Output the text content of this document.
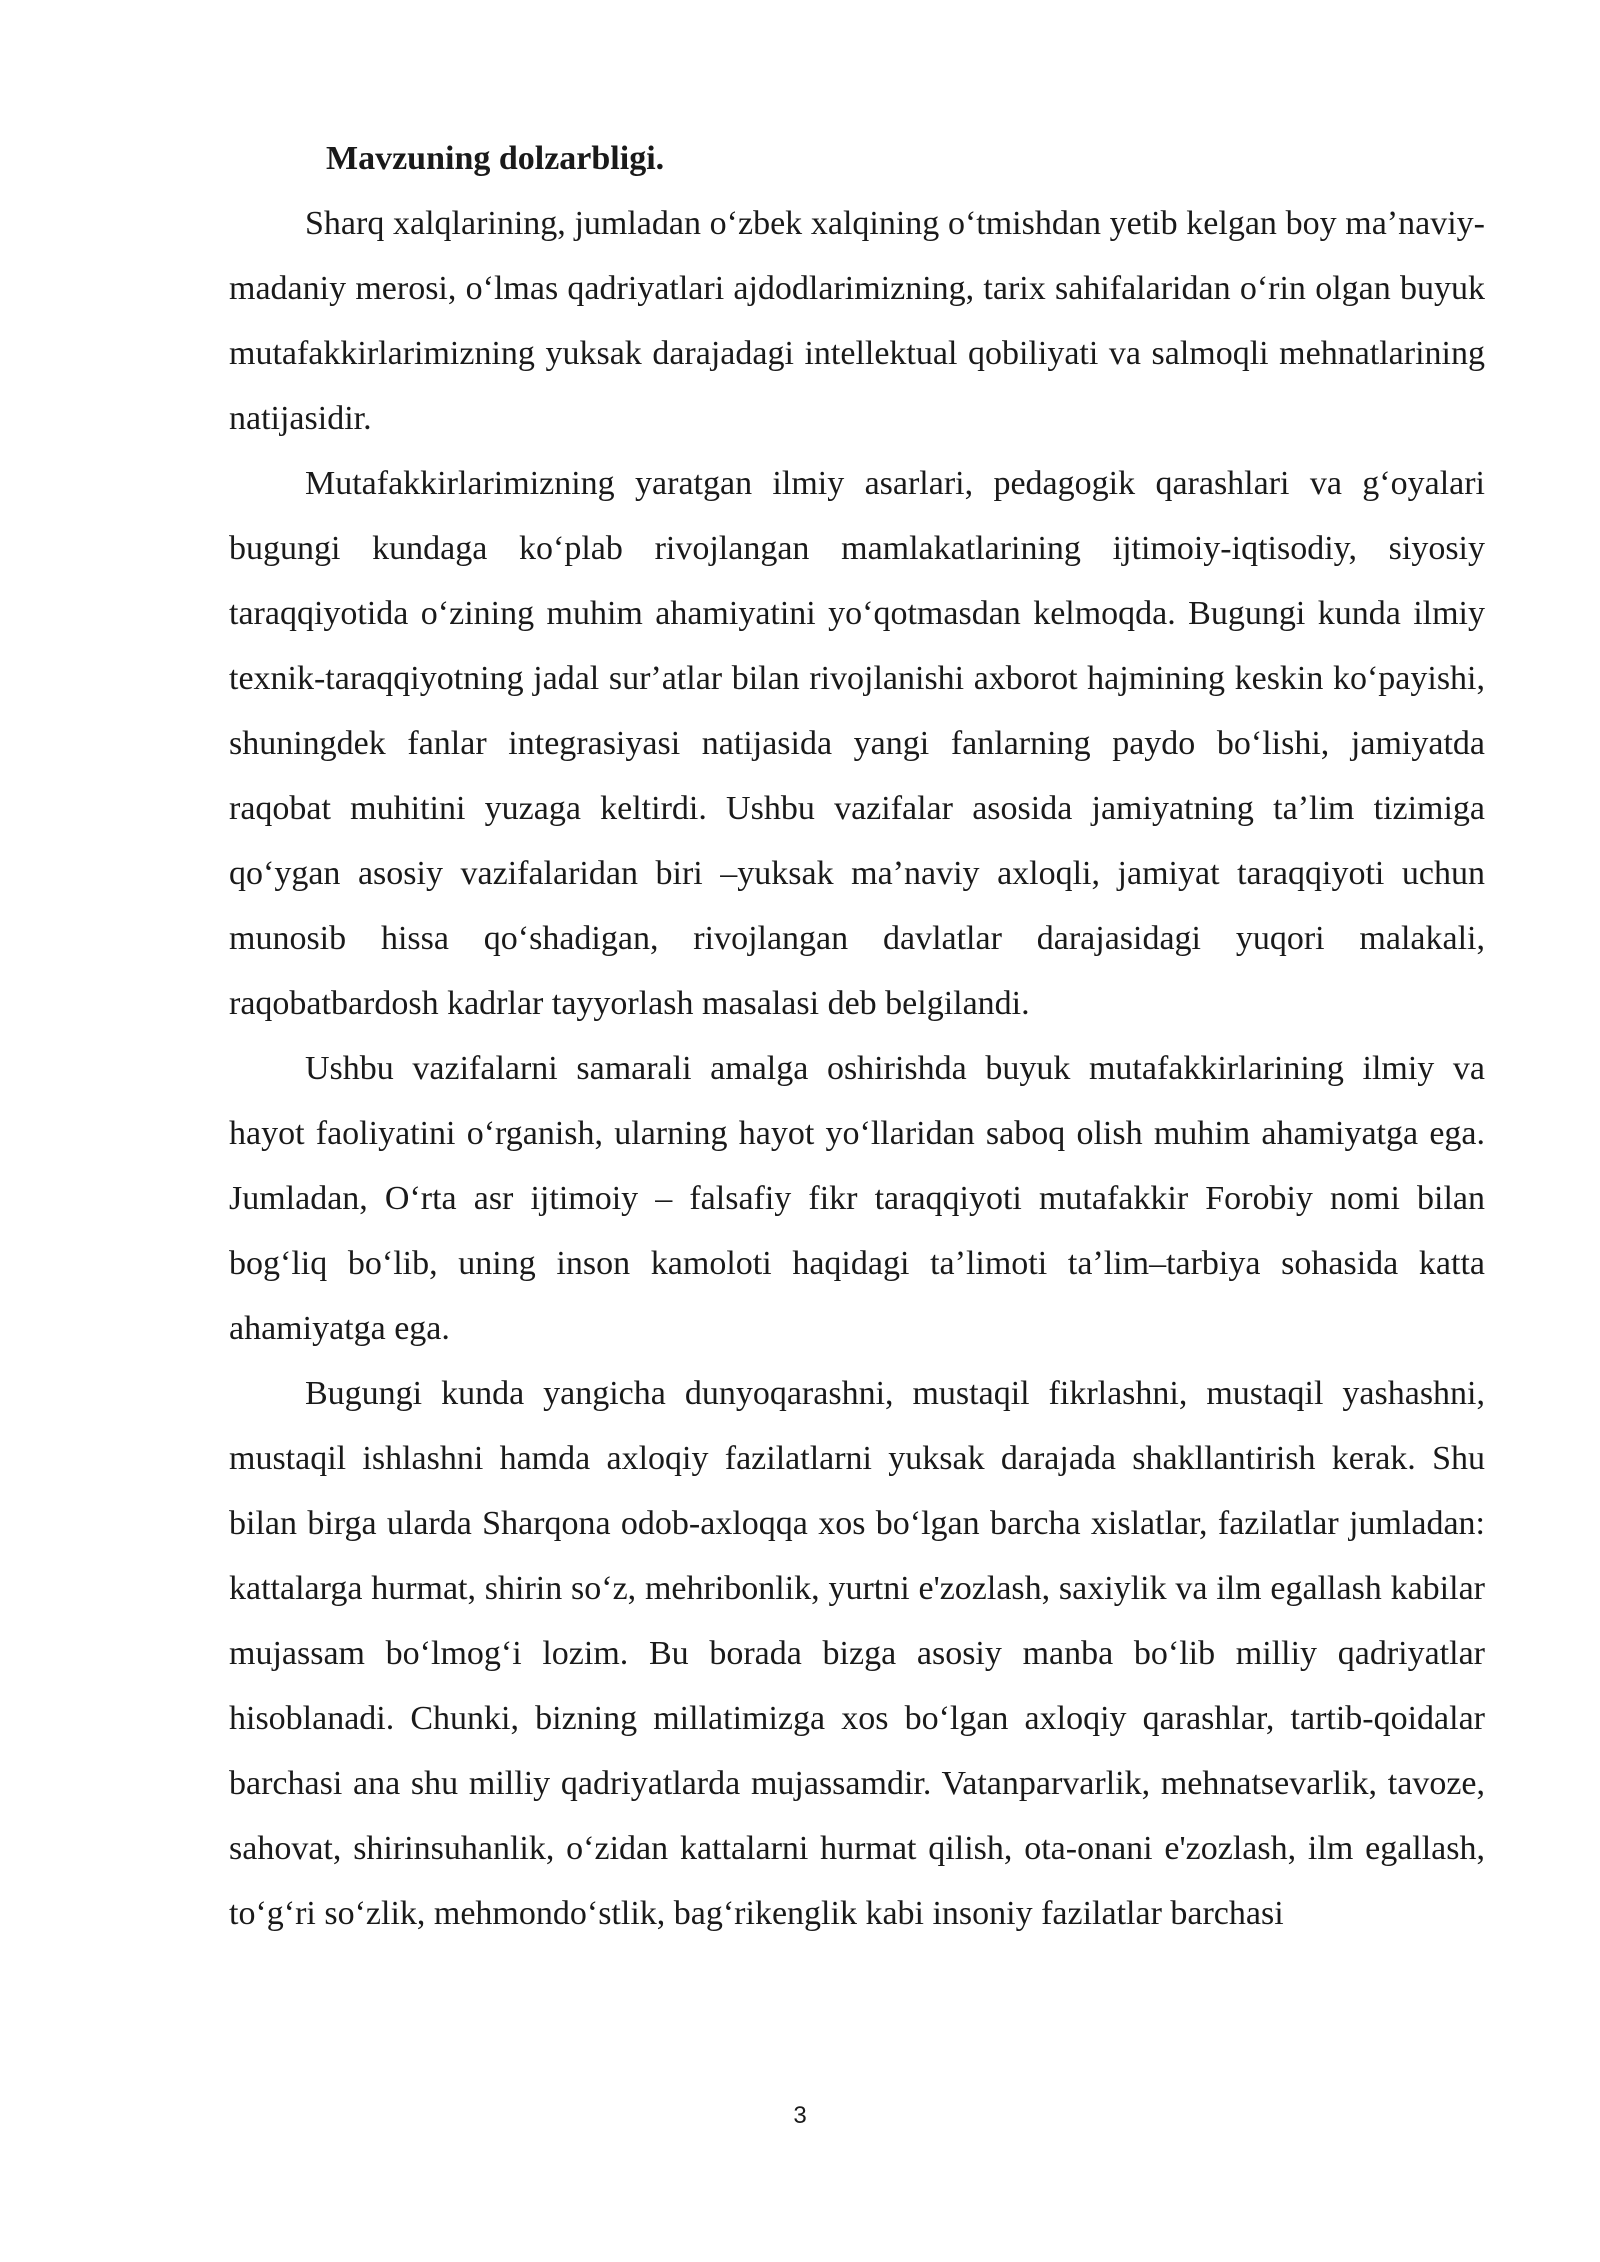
Mavzuning dolzarbligi.

Sharq xalqlarining, jumladan oʻzbek xalqining oʻtmishdan yetib kelgan boy maʼnaviy-madaniy merosi, oʻlmas qadriyatlari ajdodlarimizning, tarix sahifalaridan oʻrin olgan buyuk mutafakkirlarimizning yuksak darajadagi intellektual qobiliyati va salmoqli mehnatlarining natijasidir.

Mutafakkirlarimizning yaratgan ilmiy asarlari, pedagogik qarashlari va gʻoyalari bugungi kundaga koʻplab rivojlangan mamlakatlarining ijtimoiy-iqtisodiy, siyosiy taraqqiyotida oʻzining muhim ahamiyatini yoʻqotmasdan kelmoqda. Bugungi kunda ilmiy texnik-taraqqiyotning jadal surʼatlar bilan rivojlanishi axborot hajmining keskin koʻpayishi, shuningdek fanlar integrasiyasi natijasida yangi fanlarning paydo boʻlishi, jamiyatda raqobat muhitini yuzaga keltirdi. Ushbu vazifalar asosida jamiyatning taʼlim tizimiga qoʻygan asosiy vazifalaridan biri –yuksak maʼnaviy axloqli, jamiyat taraqqiyoti uchun munosib hissa qoʻshadigan, rivojlangan davlatlar darajasidagi yuqori malakali, raqobatbardosh kadrlar tayyorlash masalasi deb belgilandi.

Ushbu vazifalarni samarali amalga oshirishda buyuk mutafakkirlarining ilmiy va hayot faoliyatini oʻrganish, ularning hayot yoʻllaridan saboq olish muhim ahamiyatga ega. Jumladan, Oʻrta asr ijtimoiy – falsafiy fikr taraqqiyoti mutafakkir Forobiy nomi bilan bogʻliq boʻlib, uning inson kamoloti haqidagi taʼlimoti taʼlim–tarbiya sohasida katta ahamiyatga ega.

Bugungi kunda yangicha dunyoqarashni, mustaqil fikrlashni, mustaqil yashashni, mustaqil ishlashni hamda axloqiy fazilatlarni yuksak darajada shakllantirish kerak. Shu bilan birga ularda Sharqona odob-axloqqa xos boʻlgan barcha xislatlar, fazilatlar jumladan: kattalarga hurmat, shirin soʻz, mehribonlik, yurtni e'zozlash, saxiylik va ilm egallash kabilar mujassam boʻlmogʻi lozim. Bu borada bizga asosiy manba boʻlib milliy qadriyatlar hisoblanadi. Chunki, bizning millatimizga xos boʻlgan axloqiy qarashlar, tartib-qoidalar barchasi ana shu milliy qadriyatlarda mujassamdir. Vatanparvarlik, mehnatsevarlik, tavoze, sahovat, shirinsuhanlik, oʻzidan kattalarni hurmat qilish, ota-onani e'zozlash, ilm egallash, toʻgʻri soʻzlik, mehmondoʻstlik, bagʻrikenglik kabi insoniy fazilatlar barchasi

3
